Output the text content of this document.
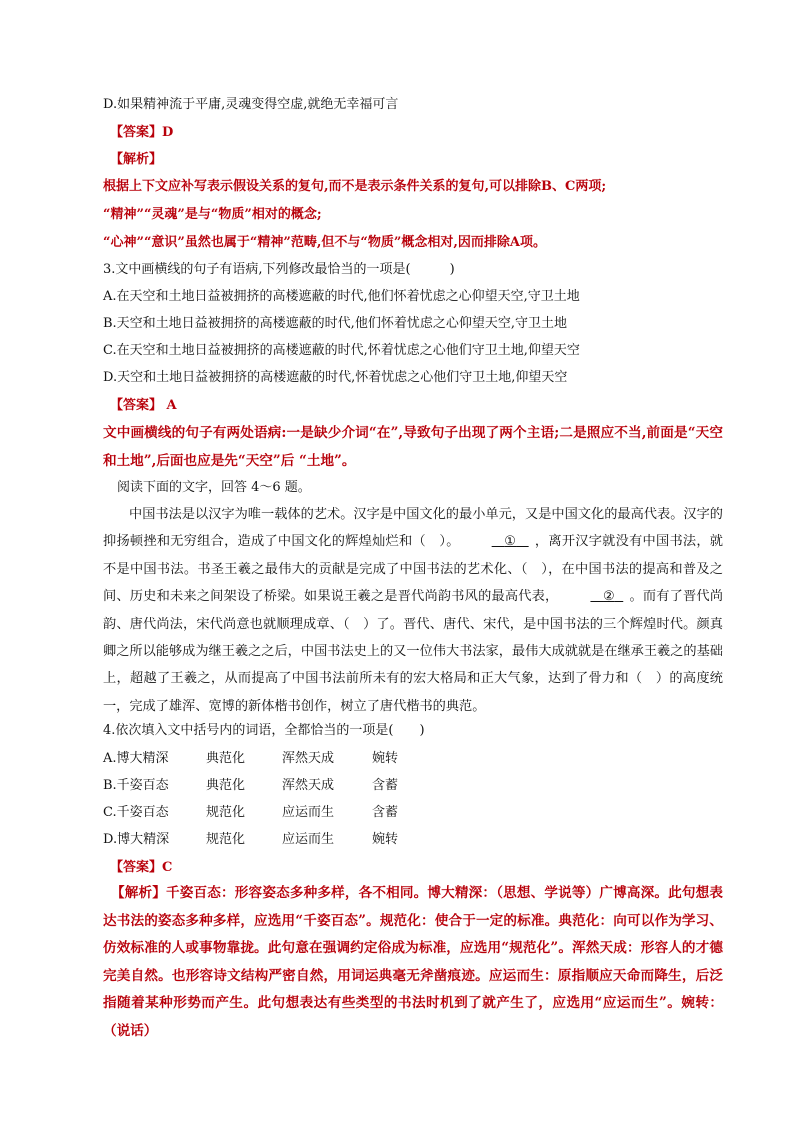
D.如果精神流于平庸,灵魂变得空虚,就绝无幸福可言
【答案】D
【解析】
根据上下文应补写表示假设关系的复句,而不是表示条件关系的复句,可以排除B、C两项;
“精神”“灵魂”是与“物质”相对的概念;
“心神”“意识”虽然也属于“精神”范畴,但不与“物质”概念相对,因而排除A项。
3.文中画横线的句子有语病,下列修改最恰当的一项是(　　　)
A.在天空和土地日益被拥挤的高楼遮蔽的时代,他们怀着忧虑之心仰望天空,守卫土地
B.天空和土地日益被拥挤的高楼遮蔽的时代,他们怀着忧虑之心仰望天空,守卫土地
C.在天空和土地日益被拥挤的高楼遮蔽的时代,怀着忧虑之心他们守卫土地,仰望天空
D.天空和土地日益被拥挤的高楼遮蔽的时代,怀着忧虑之心他们守卫土地,仰望天空
【答案】 A
文中画横线的句子有两处语病:一是缺少介词“在”,导致句子出现了两个主语;二是照应不当,前面是“天空和土地”,后面也应是先“天空”后 “土地”。
阅读下面的文字，回答 4～6 题。
中国书法是以汉字为唯一载体的艺术。汉字是中国文化的最小单元，又是中国文化的最高代表。汉字的抑扬顿挫和无穷组合，造成了中国文化的辉煌灿烂和（　）。	① ，离开汉字就没有中国书法，就不是中国书法。书圣王羲之最伟大的贡献是完成了中国书法的艺术化、（　），在中国书法的提高和普及之间、历史和未来之间架设了桥梁。如果说王羲之是晋代尚韵书风的最高代表，	② 。而有了晋代尚韵、唐代尚法，宋代尚意也就顺理成章、（　）了。晋代、唐代、宋代，是中国书法的三个辉煌时代。颜真卿之所以能够成为继王羲之之后，中国书法史上的又一位伟大书法家，最伟大成就就是在继承王羲之的基础上，超越了王羲之，从而提高了中国书法前所未有的宏大格局和正大气象，达到了骨力和（　）的高度统一，完成了雄浑、宽博的新体楷书创作，树立了唐代楷书的典范。
4.依次填入文中括号内的词语，全都恰当的一项是(　　)
A.博大精深	典范化	浑然天成	婉转
B.千姿百态	典范化	浑然天成	含蓄
C.千姿百态	规范化	应运而生	含蓄
D.博大精深	规范化	应运而生	婉转
【答案】C
【解析】千姿百态：形容姿态多种多样，各不相同。博大精深：（思想、学说等）广博高深。此句想表达书法的姿态多种多样，应选用“千姿百态”。规范化：使合于一定的标准。典范化：向可以作为学习、仿效标准的人或事物靠拢。此句意在强调约定俗成为标准，应选用“规范化”。浑然天成：形容人的才德完美自然。也形容诗文结构严密自然，用词运典毫无斧凿痕迹。应运而生：原指顺应天命而降生，后泛指随着某种形势而产生。此句想表达有些类型的书法时机到了就产生了，应选用“应运而生”。婉转：（说话）
